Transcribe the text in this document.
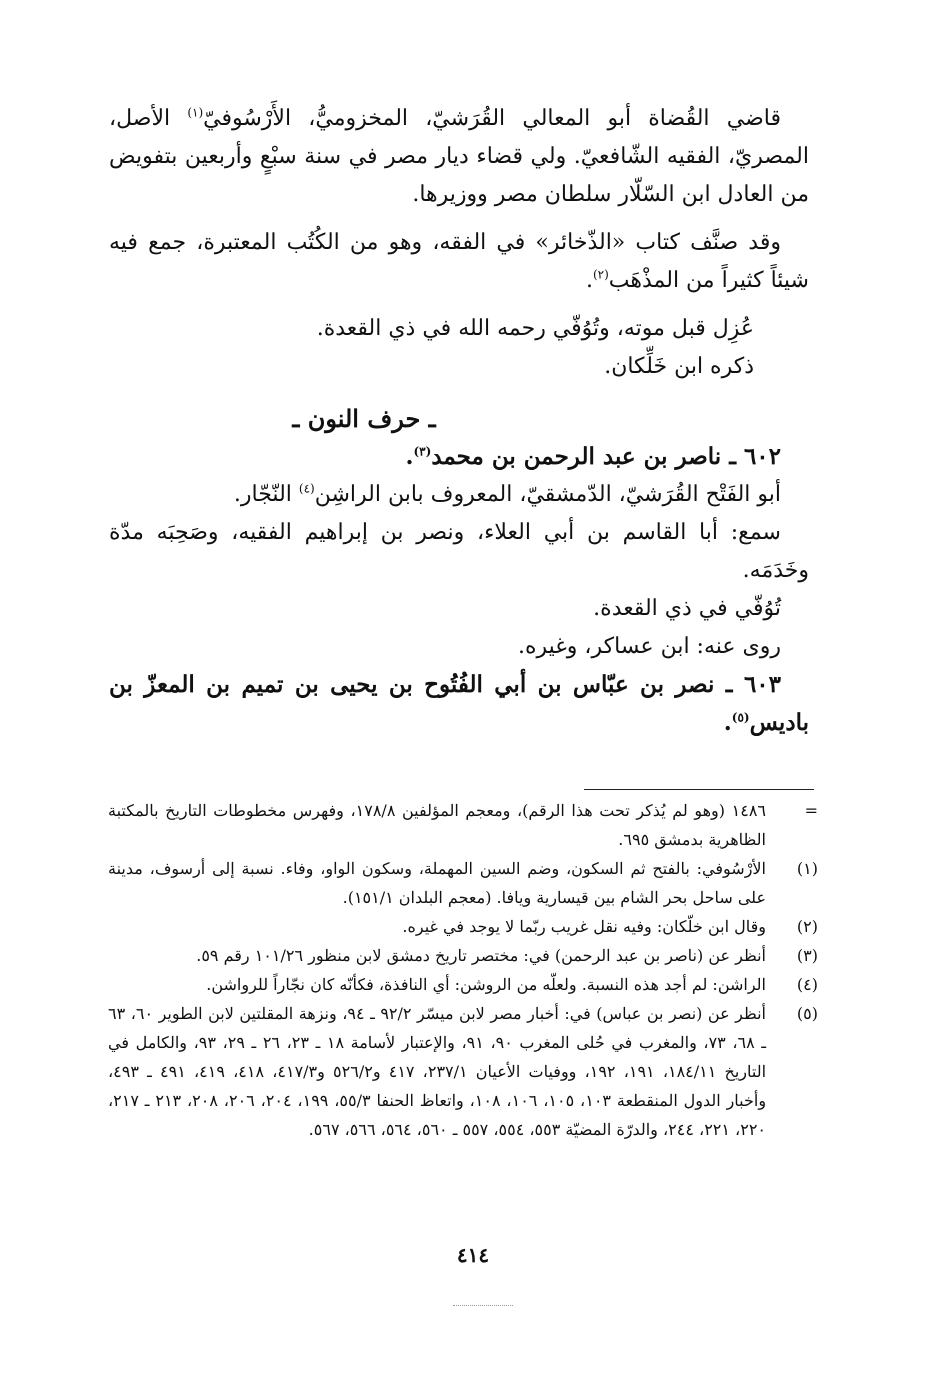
قاضي القُضاة أبو المعالي القُرَشيّ، المخزوميُّ، الأَرْسُوفيّ$^{(١)}$ الأصل، المصريّ، الفقيه الشّافعيّ. ولي قضاء ديار مصر في سنة سبْعٍ وأربعين بتفويض من العادل ابن السّلّار سلطان مصر ووزيرها.

وقد صنَّف كتاب «الذّخائر» في الفقه، وهو من الكُتُب المعتبرة، جمع فيه شيئاً كثيراً من المذْهَب$^{(٢)}$.

عُزِل قبل موته، وتُوُفّي رحمه الله في ذي القعدة.

ذكره ابن خَلِّكان.

ـ حرف النون ـ

٦٠٢ ـ ناصر بن عبد الرحمن بن محمد$^{(٣)}$.

أبو الفَتْح القُرَشيّ، الدّمشقيّ، المعروف بابن الراشِن$^{(٤)}$ النّجّار.

سمع: أبا القاسم بن أبي العلاء، ونصر بن إبراهيم الفقيه، وصَحِبَه مدّة وخَدَمَه.

تُوُفّي في ذي القعدة.

روى عنه: ابن عساكر، وغيره.

٦٠٣ ـ نصر بن عبّاس بن أبي الفُتُوح بن يحيى بن تميم بن المعزّ بن باديس$^{(٥)}$.

=
١٤٨٦ (وهو لم يُذكر تحت هذا الرقم)، ومعجم المؤلفين ١٧٨/٨، وفهرس مخطوطات التاريخ بالمكتبة الظاهرية بدمشق ٦٩٥.
(١)
الأرْسُوفي: بالفتح ثم السكون، وضم السين المهملة، وسكون الواو، وفاء. نسبة إلى أرسوف، مدينة على ساحل بحر الشام بين قيسارية ويافا. (معجم البلدان ١٥١/١).
(٢)
وقال ابن خلّكان: وفيه نقل غريب ربّما لا يوجد في غيره.
(٣)
أنظر عن (ناصر بن عبد الرحمن) في: مختصر تاريخ دمشق لابن منظور ١٠١/٢٦ رقم ٥٩.
(٤)
الراشن: لم أجد هذه النسبة. ولعلّه من الروشن: أي النافذة، فكأنّه كان نجّاراً للرواشن.
(٥)
أنظر عن (نصر بن عباس) في: أخبار مصر لابن ميسّر ٩٢/٢ ـ ٩٤، ونزهة المقلتين لابن الطوير ٦٠، ٦٣ ـ ٦٨، ٧٣، والمغرب في حُلى المغرب ٩٠، ٩١، والإعتبار لأسامة ١٨ ـ ٢٣، ٢٦ ـ ٢٩، ٩٣، والكامل في التاريخ ١٨٤/١١، ١٩١، ١٩٢، ووفيات الأعيان ٢٣٧/١، ٤١٧ و٥٢٦/٢ و٤١٧/٣، ٤١٨، ٤١٩، ٤٩١ ـ ٤٩٣، وأخبار الدول المنقطعة ١٠٣، ١٠٥، ١٠٦، ١٠٨، واتعاظ الحنفا ٥٥/٣، ١٩٩، ٢٠٤، ٢٠٦، ٢٠٨، ٢١٣ ـ ٢١٧، ٢٢٠، ٢٢١، ٢٤٤، والدرّة المضيّة ٥٥٣، ٥٥٤، ٥٥٧ ـ ٥٦٠، ٥٦٤، ٥٦٦، ٥٦٧.
٤١٤
